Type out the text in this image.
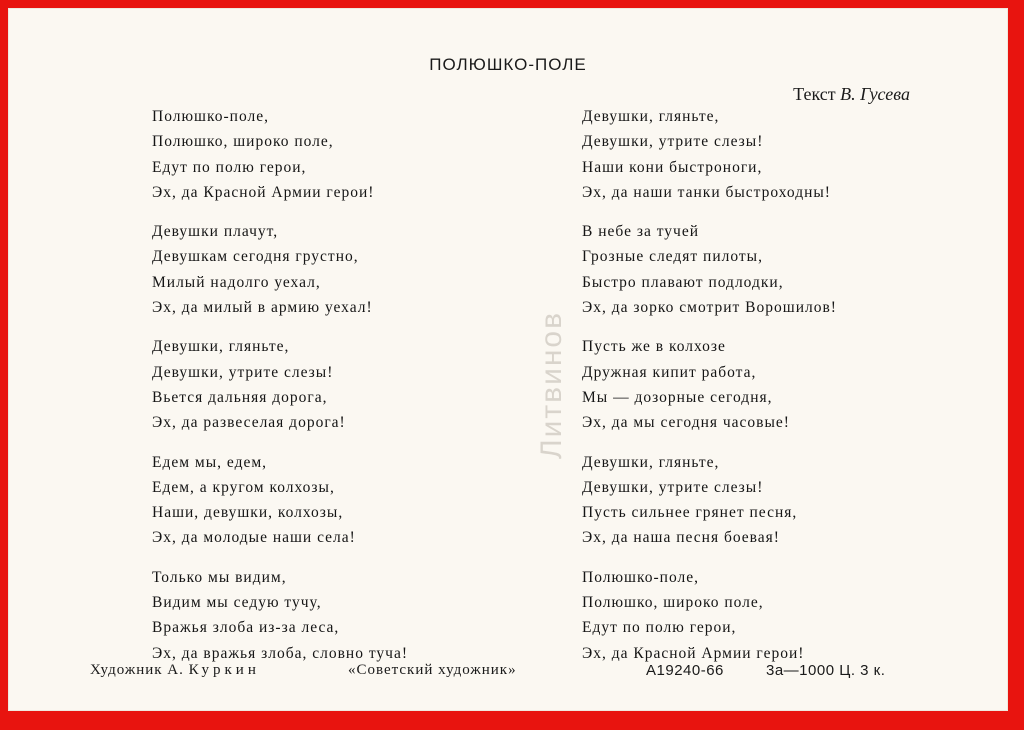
ПОЛЮШКО-ПОЛЕ
Текст В. Гусева
Литвинов
Полюшко-поле,
Полюшко, широко поле,
Едут по полю герои,
Эх, да Красной Армии герои!
Девушки плачут,
Девушкам сегодня грустно,
Милый надолго уехал,
Эх, да милый в армию уехал!
Девушки, гляньте,
Девушки, утрите слезы!
Вьется дальняя дорога,
Эх, да развеселая дорога!
Едем мы, едем,
Едем, а кругом колхозы,
Наши, девушки, колхозы,
Эх, да молодые наши села!
Только мы видим,
Видим мы седую тучу,
Вражья злоба из-за леса,
Эх, да вражья злоба, словно туча!
Девушки, гляньте,
Девушки, утрите слезы!
Наши кони быстроноги,
Эх, да наши танки быстроходны!
В небе за тучей
Грозные следят пилоты,
Быстро плавают подлодки,
Эх, да зорко смотрит Ворошилов!
Пусть же в колхозе
Дружная кипит работа,
Мы — дозорные сегодня,
Эх, да мы сегодня часовые!
Девушки, гляньте,
Девушки, утрите слезы!
Пусть сильнее грянет песня,
Эх, да наша песня боевая!
Полюшко-поле,
Полюшко, широко поле,
Едут по полю герои,
Эх, да Красной Армии герои!
Художник А. Куркин	«Советский художник»	А19240-66	3а—1000 Ц. 3 к.
